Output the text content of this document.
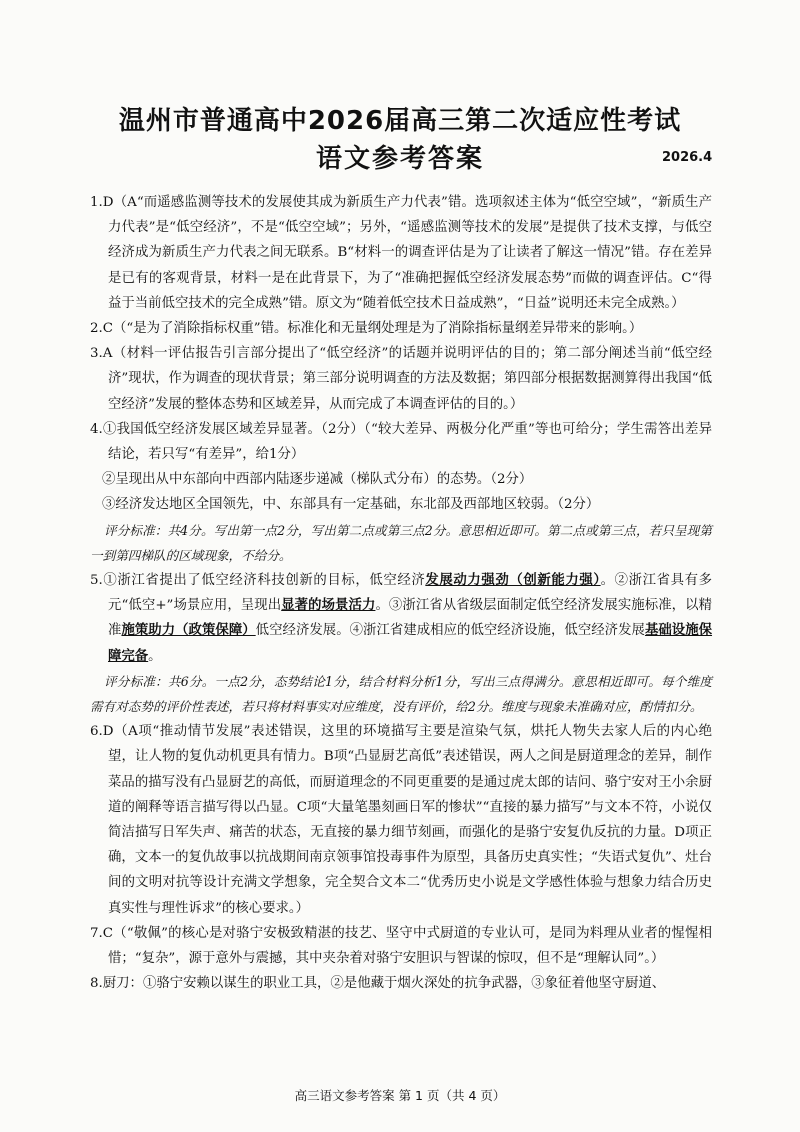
温州市普通高中2026届高三第二次适应性考试
语文参考答案	2026.4

1.D（A“而遥感监测等技术的发展使其成为新质生产力代表”错。选项叙述主体为“低空空域”，“新质生产力代表”是“低空经济”，不是“低空空域”；另外，“遥感监测等技术的发展”是提供了技术支撑，与低空经济成为新质生产力代表之间无联系。B“材料一的调查评估是为了让读者了解这一情况”错。存在差异是已有的客观背景，材料一是在此背景下，为了“准确把握低空经济发展态势”而做的调查评估。C“得益于当前低空技术的完全成熟”错。原文为“随着低空技术日益成熟”，“日益”说明还未完全成熟。）

2.C（“是为了消除指标权重”错。标准化和无量纲处理是为了消除指标量纲差异带来的影响。）

3.A（材料一评估报告引言部分提出了“低空经济”的话题并说明评估的目的；第二部分阐述当前“低空经济”现状，作为调查的现状背景；第三部分说明调查的方法及数据；第四部分根据数据测算得出我国“低空经济”发展的整体态势和区域差异，从而完成了本调查评估的目的。）

4.①我国低空经济发展区域差异显著。（2分）（“较大差异、两极分化严重”等也可给分；学生需答出差异结论，若只写“有差异”，给1分）

②呈现出从中东部向中西部内陆逐步递减（梯队式分布）的态势。（2分）

③经济发达地区全国领先，中、东部具有一定基础，东北部及西部地区较弱。（2分）

评分标准：共4分。写出第一点2分，写出第二点或第三点2分。意思相近即可。第二点或第三点，若只呈现第一到第四梯队的区域现象，不给分。

5.①浙江省提出了低空经济科技创新的目标，低空经济发展动力强劲（创新能力强）。②浙江省具有多元“低空+”场景应用，呈现出显著的场景活力。③浙江省从省级层面制定低空经济发展实施标准，以精准施策助力（政策保障）低空经济发展。④浙江省建成相应的低空经济设施，低空经济发展基础设施保障完备。

评分标准：共6分。一点2分，态势结论1分，结合材料分析1分，写出三点得满分。意思相近即可。每个维度需有对态势的评价性表述，若只将材料事实对应维度，没有评价，给2分。维度与现象未准确对应，酌情扣分。

6.D（A项“推动情节发展”表述错误，这里的环境描写主要是渲染气氛，烘托人物失去家人后的内心绝望，让人物的复仇动机更具有情力。B项“凸显厨艺高低”表述错误，两人之间是厨道理念的差异，制作菜品的描写没有凸显厨艺的高低，而厨道理念的不同更重要的是通过虎太郎的诘问、骆宁安对王小余厨道的阐释等语言描写得以凸显。C项“大量笔墨刻画日军的惨状”“直接的暴力描写”与文本不符，小说仅简洁描写日军失声、痛苦的状态，无直接的暴力细节刻画，而强化的是骆宁安复仇反抗的力量。D项正确，文本一的复仇故事以抗战期间南京领事馆投毒事件为原型，具备历史真实性；“失语式复仇”、灶台间的文明对抗等设计充满文学想象，完全契合文本二“优秀历史小说是文学感性体验与想象力结合历史真实性与理性诉求”的核心要求。）

7.C（“敬佩”的核心是对骆宁安极致精湛的技艺、坚守中式厨道的专业认可，是同为料理从业者的惺惺相惜；“复杂”，源于意外与震撼，其中夹杂着对骆宁安胆识与智谋的惊叹，但不是“理解认同”。）

8.厨刀：①骆宁安赖以谋生的职业工具，②是他藏于烟火深处的抗争武器，③象征着他坚守厨道、

高三语文参考答案 第 1 页（共 4 页）
